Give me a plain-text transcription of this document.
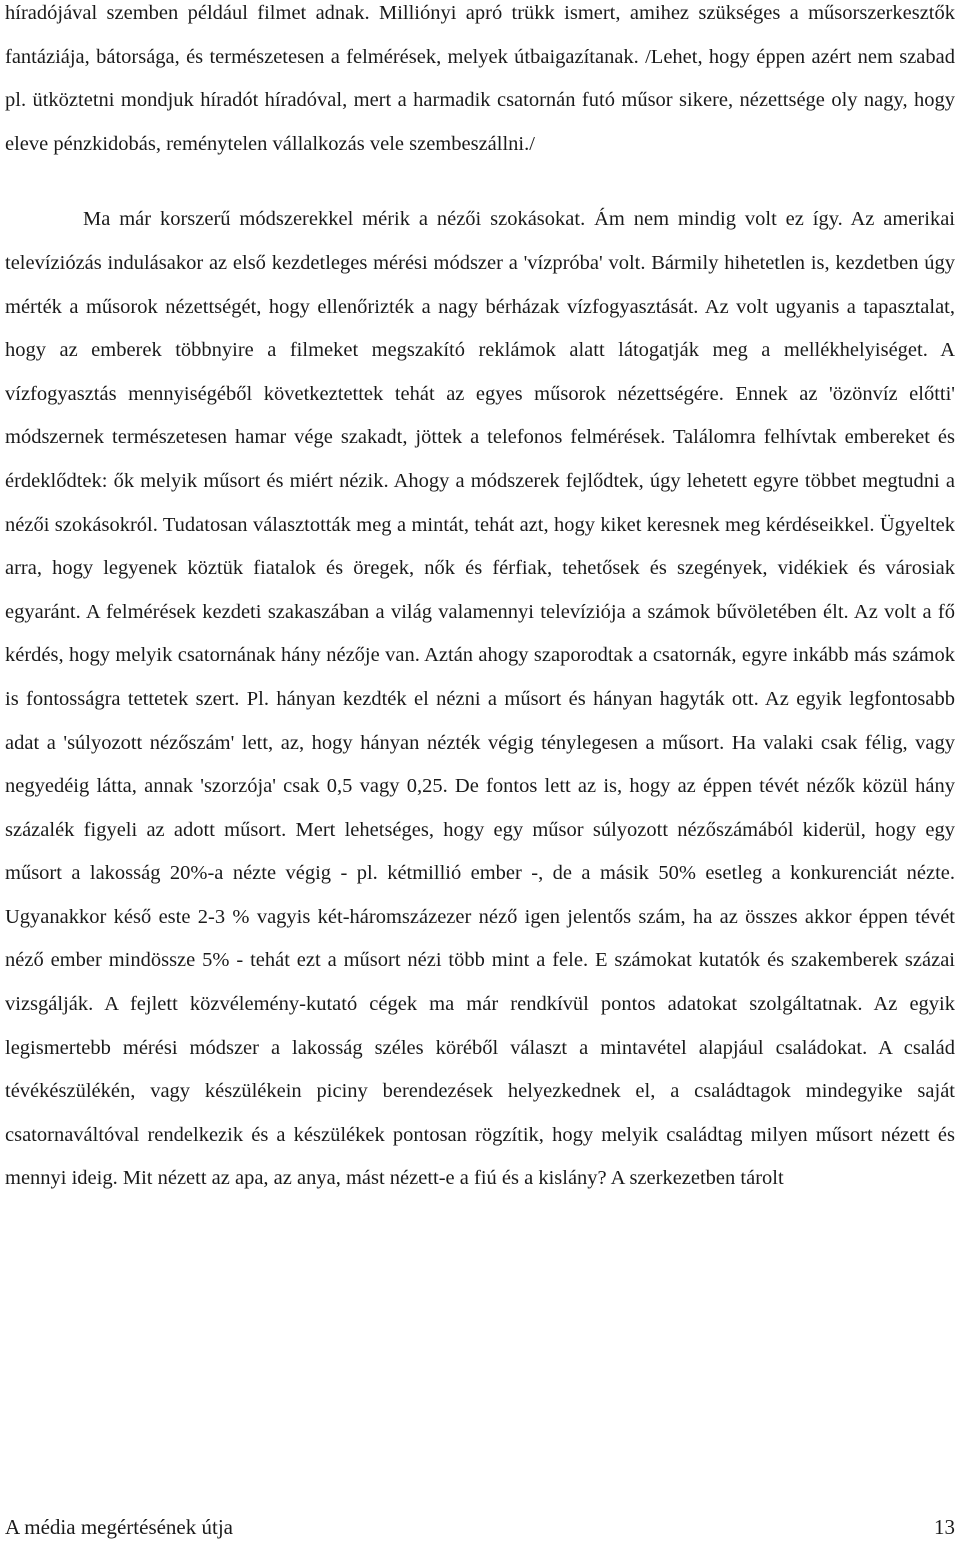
híradójával szemben például filmet adnak. Milliónyi apró trükk ismert, amihez szükséges a műsorszerkesztők fantáziája, bátorsága, és természetesen a felmérések, melyek útbaigazítanak. /Lehet, hogy éppen azért nem szabad pl. ütköztetni mondjuk híradót híradóval, mert a harmadik csatornán futó műsor sikere, nézettsége oly nagy, hogy eleve pénzkidobás, reménytelen vállalkozás vele szembeszállni./

Ma már korszerű módszerekkel mérik a nézői szokásokat. Ám nem mindig volt ez így. Az amerikai televíziózás indulásakor az első kezdetleges mérési módszer a 'vízpróba' volt. Bármily hihetetlen is, kezdetben úgy mérték a műsorok nézettségét, hogy ellenőrizték a nagy bérházak vízfogyasztását. Az volt ugyanis a tapasztalat, hogy az emberek többnyire a filmeket megszakító reklámok alatt látogatják meg a mellékhelyiséget. A vízfogyasztás mennyiségéből következtettek tehát az egyes műsorok nézettségére. Ennek az 'özönvíz előtti' módszernek természetesen hamar vége szakadt, jöttek a telefonos felmérések. Találomra felhívtak embereket és érdeklődtek: ők melyik műsort és miért nézik. Ahogy a módszerek fejlődtek, úgy lehetett egyre többet megtudni a nézői szokásokról. Tudatosan választották meg a mintát, tehát azt, hogy kiket keresnek meg kérdéseikkel. Ügyeltek arra, hogy legyenek köztük fiatalok és öregek, nők és férfiak, tehetősek és szegények, vidékiek és városiak egyaránt. A felmérések kezdeti szakaszában a világ valamennyi televíziója a számok bűvöletében élt. Az volt a fő kérdés, hogy melyik csatornának hány nézője van. Aztán ahogy szaporodtak a csatornák, egyre inkább más számok is fontosságra tettetek szert. Pl. hányan kezdték el nézni a műsort és hányan hagyták ott. Az egyik legfontosabb adat a 'súlyozott nézőszám' lett, az, hogy hányan nézték végig ténylegesen a műsort. Ha valaki csak félig, vagy negyedéig látta, annak 'szorzója' csak 0,5 vagy 0,25. De fontos lett az is, hogy az éppen tévét nézők közül hány százalék figyeli az adott műsort. Mert lehetséges, hogy egy műsor súlyozott nézőszámából kiderül, hogy egy műsort a lakosság 20%-a nézte végig - pl. kétmillió ember -, de a másik 50% esetleg a konkurenciát nézte. Ugyanakkor késő este 2-3 % vagyis két-háromszázezer néző igen jelentős szám, ha az összes akkor éppen tévét néző ember mindössze 5% - tehát ezt a műsort nézi több mint a fele. E számokat kutatók és szakemberek százai vizsgálják. A fejlett közvélemény-kutató cégek ma már rendkívül pontos adatokat szolgáltatnak. Az egyik legismertebb mérési módszer a lakosság széles köréből választ a mintavétel alapjául családokat. A család tévékészülékén, vagy készülékein piciny berendezések helyezkednek el, a családtagok mindegyike saját csatornaváltóval rendelkezik és a készülékek pontosan rögzítik, hogy melyik családtag milyen műsort nézett és mennyi ideig. Mit nézett az apa, az anya, mást nézett-e a fiú és a kislány? A szerkezetben tárolt

A média megértésének útja	13
